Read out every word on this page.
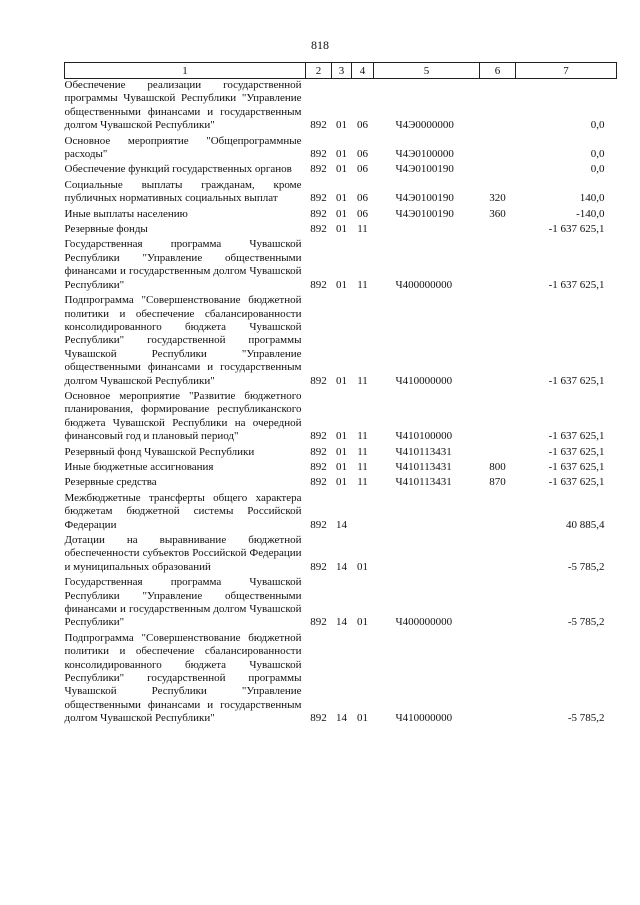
818
1	2	3	4	5	6	7
Обеспечение реализации государственной программы Чувашской Республики "Управление общественными финансами и государственным долгом Чувашской Республики"	892	01	06	Ч4Э0000000		0,0
Основное мероприятие "Общепрограммные расходы"	892	01	06	Ч4Э0100000		0,0
Обеспечение функций государственных органов	892	01	06	Ч4Э0100190		0,0
Социальные выплаты гражданам, кроме публичных нормативных социальных выплат	892	01	06	Ч4Э0100190	320	140,0
Иные выплаты населению	892	01	06	Ч4Э0100190	360	-140,0
Резервные фонды	892	01	11			-1 637 625,1
Государственная программа Чувашской Республики "Управление общественными финансами и государственным долгом Чувашской Республики"	892	01	11	Ч400000000		-1 637 625,1
Подпрограмма "Совершенствование бюджетной политики и обеспечение сбалансированности консолидированного бюджета Чувашской Республики" государственной программы Чувашской Республики "Управление общественными финансами и государственным долгом Чувашской Республики"	892	01	11	Ч410000000		-1 637 625,1
Основное мероприятие "Развитие бюджетного планирования, формирование республиканского бюджета Чувашской Республики на очередной финансовый год и плановый период"	892	01	11	Ч410100000		-1 637 625,1
Резервный фонд Чувашской Республики	892	01	11	Ч410113431		-1 637 625,1
Иные бюджетные ассигнования	892	01	11	Ч410113431	800	-1 637 625,1
Резервные средства	892	01	11	Ч410113431	870	-1 637 625,1
Межбюджетные трансферты общего характера бюджетам бюджетной системы Российской Федерации	892	14				40 885,4
Дотации на выравнивание бюджетной обеспеченности субъектов Российской Федерации и муниципальных образований	892	14	01			-5 785,2
Государственная программа Чувашской Республики "Управление общественными финансами и государственным долгом Чувашской Республики"	892	14	01	Ч400000000		-5 785,2
Подпрограмма "Совершенствование бюджетной политики и обеспечение сбалансированности консолидированного бюджета Чувашской Республики" государственной программы Чувашской Республики "Управление общественными финансами и государственным долгом Чувашской Республики"	892	14	01	Ч410000000		-5 785,2
